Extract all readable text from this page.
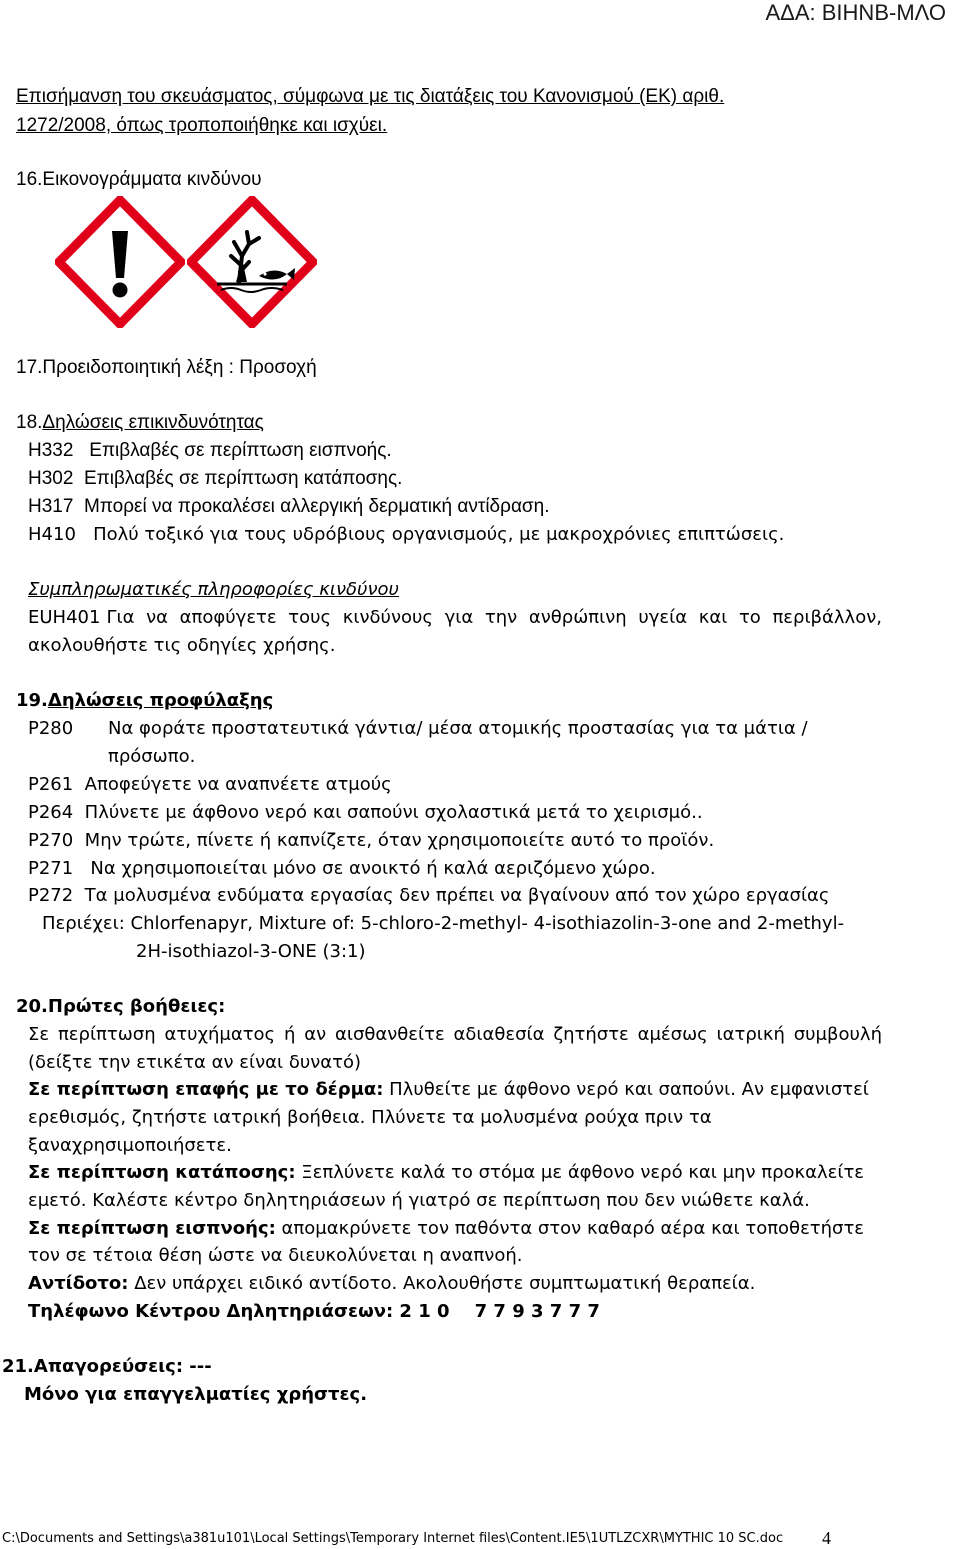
ΑΔΑ: ΒΙΗΝΒ-ΜΛΟ
Επισήμανση του σκευάσματος, σύμφωνα με τις διατάξεις του Κανονισμού (ΕΚ) αριθ.
1272/2008, όπως τροποποιήθηκε και ισχύει.
16.Εικονογράμματα κινδύνου
17.Προειδοποιητική λέξη : Προσοχή
18.Δηλώσεις επικινδυνότητας
H332 Επιβλαβές σε περίπτωση εισπνοής.
H302 Επιβλαβές σε περίπτωση κατάποσης.
H317 Μπορεί να προκαλέσει αλλεργική δερματική αντίδραση.
H410 Πολύ τοξικό για τους υδρόβιους οργανισμούς, με μακροχρόνιες επιπτώσεις.
Συμπληρωματικές πληροφορίες κινδύνου
EUH401 Για να αποφύγετε τους κινδύνους για την ανθρώπινη υγεία και το περιβάλλον,
ακολουθήστε τις οδηγίες χρήσης.
19.Δηλώσεις προφύλαξης
P280 Να φοράτε προστατευτικά γάντια/ μέσα ατομικής προστασίας για τα μάτια /
πρόσωπο.
P261 Αποφεύγετε να αναπνέετε ατμούς
P264 Πλύνετε με άφθονο νερό και σαπούνι σχολαστικά μετά το χειρισμό..
P270 Μην τρώτε, πίνετε ή καπνίζετε, όταν χρησιμοποιείτε αυτό το προϊόν.
P271 Να χρησιμοποιείται μόνο σε ανοικτό ή καλά αεριζόμενο χώρο.
P272 Τα μολυσμένα ενδύματα εργασίας δεν πρέπει να βγαίνουν από τον χώρο εργασίας
Περιέχει: Chlorfenapyr, Mixture of: 5-chloro-2-methyl- 4-isothiazolin-3-one and 2-methyl-
2H-isothiazol-3-ONE (3:1)
20.Πρώτες βοήθειες:
Σε περίπτωση ατυχήματος ή αν αισθανθείτε αδιαθεσία ζητήστε αμέσως ιατρική συμβουλή
(δείξτε την ετικέτα αν είναι δυνατό)
Σε περίπτωση επαφής με το δέρμα: Πλυθείτε με άφθονο νερό και σαπούνι. Αν εμφανιστεί
ερεθισμός, ζητήστε ιατρική βοήθεια. Πλύνετε τα μολυσμένα ρούχα πριν τα
ξαναχρησιμοποιήσετε.
Σε περίπτωση κατάποσης: Ξεπλύνετε καλά το στόμα με άφθονο νερό και μην προκαλείτε
εμετό. Καλέστε κέντρο δηλητηριάσεων ή γιατρό σε περίπτωση που δεν νιώθετε καλά.
Σε περίπτωση εισπνοής: απομακρύνετε τον παθόντα στον καθαρό αέρα και τοποθετήστε
τον σε τέτοια θέση ώστε να διευκολύνεται η αναπνοή.
Αντίδοτο: Δεν υπάρχει ειδικό αντίδοτο. Ακολουθήστε συμπτωματική θεραπεία.
Τηλέφωνο Κέντρου Δηλητηριάσεων: 2 1 0    7 7 9 3 7 7 7
21.Απαγορεύσεις: ---
Μόνο για επαγγελματίες χρήστες.
C:\Documents and Settings\a381u101\Local Settings\Temporary Internet files\Content.IE5\1UTLZCXR\MYTHIC 10 SC.doc 4
